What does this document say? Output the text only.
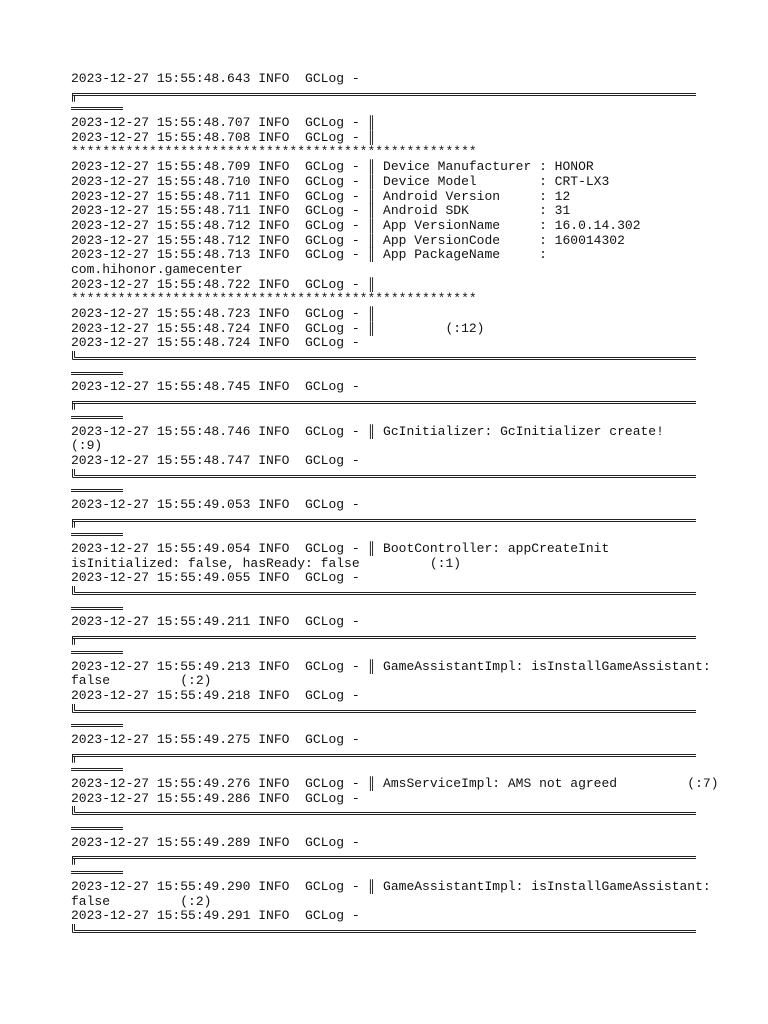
2023-12-27 15:55:48.643 INFO  GCLog -
2023-12-27 15:55:48.707 INFO  GCLog - ║
2023-12-27 15:55:48.708 INFO  GCLog - ║
****************************************************
2023-12-27 15:55:48.709 INFO  GCLog - ║ Device Manufacturer : HONOR
2023-12-27 15:55:48.710 INFO  GCLog - ║ Device Model        : CRT-LX3
2023-12-27 15:55:48.711 INFO  GCLog - ║ Android Version     : 12
2023-12-27 15:55:48.711 INFO  GCLog - ║ Android SDK         : 31
2023-12-27 15:55:48.712 INFO  GCLog - ║ App VersionName     : 16.0.14.302
2023-12-27 15:55:48.712 INFO  GCLog - ║ App VersionCode     : 160014302
2023-12-27 15:55:48.713 INFO  GCLog - ║ App PackageName     :
com.hihonor.gamecenter
2023-12-27 15:55:48.722 INFO  GCLog - ║
****************************************************
2023-12-27 15:55:48.723 INFO  GCLog - ║
2023-12-27 15:55:48.724 INFO  GCLog - ║         (:12)
2023-12-27 15:55:48.724 INFO  GCLog -
2023-12-27 15:55:48.745 INFO  GCLog -
2023-12-27 15:55:48.746 INFO  GCLog - ║ GcInitializer: GcInitializer create!
(:9)
2023-12-27 15:55:48.747 INFO  GCLog -
2023-12-27 15:55:49.053 INFO  GCLog -
2023-12-27 15:55:49.054 INFO  GCLog - ║ BootController: appCreateInit
isInitialized: false, hasReady: false         (:1)
2023-12-27 15:55:49.055 INFO  GCLog -
2023-12-27 15:55:49.211 INFO  GCLog -
2023-12-27 15:55:49.213 INFO  GCLog - ║ GameAssistantImpl: isInstallGameAssistant:
false         (:2)
2023-12-27 15:55:49.218 INFO  GCLog -
2023-12-27 15:55:49.275 INFO  GCLog -
2023-12-27 15:55:49.276 INFO  GCLog - ║ AmsServiceImpl: AMS not agreed         (:7)
2023-12-27 15:55:49.286 INFO  GCLog -
2023-12-27 15:55:49.289 INFO  GCLog -
2023-12-27 15:55:49.290 INFO  GCLog - ║ GameAssistantImpl: isInstallGameAssistant:
false         (:2)
2023-12-27 15:55:49.291 INFO  GCLog -
